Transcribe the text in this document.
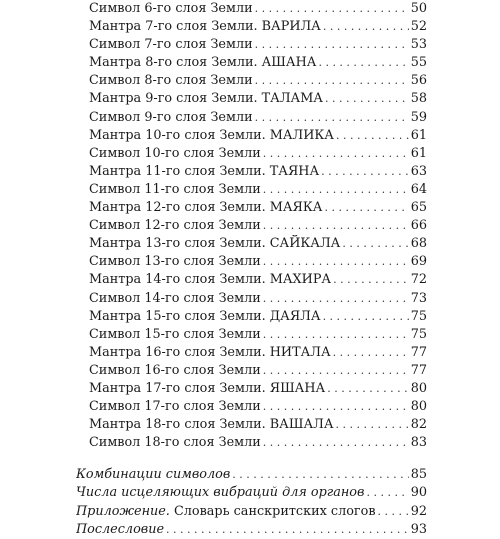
Символ 6-го слоя Земли . . .	50
Мантра 7-го слоя Земли. ВАРИЛА . . .	52
Символ 7-го слоя Земли . . .	53
Мантра 8-го слоя Земли. АШАНА . . .	55
Символ 8-го слоя Земли . . .	56
Мантра 9-го слоя Земли. ТАЛАМА . . .	58
Символ 9-го слоя Земли . . .	59
Мантра 10-го слоя Земли. МАЛИКА . . .	61
Символ 10-го слоя Земли . . .	61
Мантра 11-го слоя Земли. ТАЯНА . . .	63
Символ 11-го слоя Земли . . .	64
Мантра 12-го слоя Земли. МАЯКА . . .	65
Символ 12-го слоя Земли . . .	66
Мантра 13-го слоя Земли. САЙКАЛА . . .	68
Символ 13-го слоя Земли . . .	69
Мантра 14-го слоя Земли. МАХИРА . . .	72
Символ 14-го слоя Земли . . .	73
Мантра 15-го слоя Земли. ДАЯЛА . . .	75
Символ 15-го слоя Земли . . .	75
Мантра 16-го слоя Земли. НИТАЛА . . .	77
Символ 16-го слоя Земли . . .	77
Мантра 17-го слоя Земли. ЯШАНА . . .	80
Символ 17-го слоя Земли . . .	80
Мантра 18-го слоя Земли. ВАШАЛА . . .	82
Символ 18-го слоя Земли . . .	83
Комбинации символов . . .	85
Числа исцеляющих вибраций для органов . . .	90
Приложение. Словарь санскритских слогов . . .	92
Послесловие . . .	93
